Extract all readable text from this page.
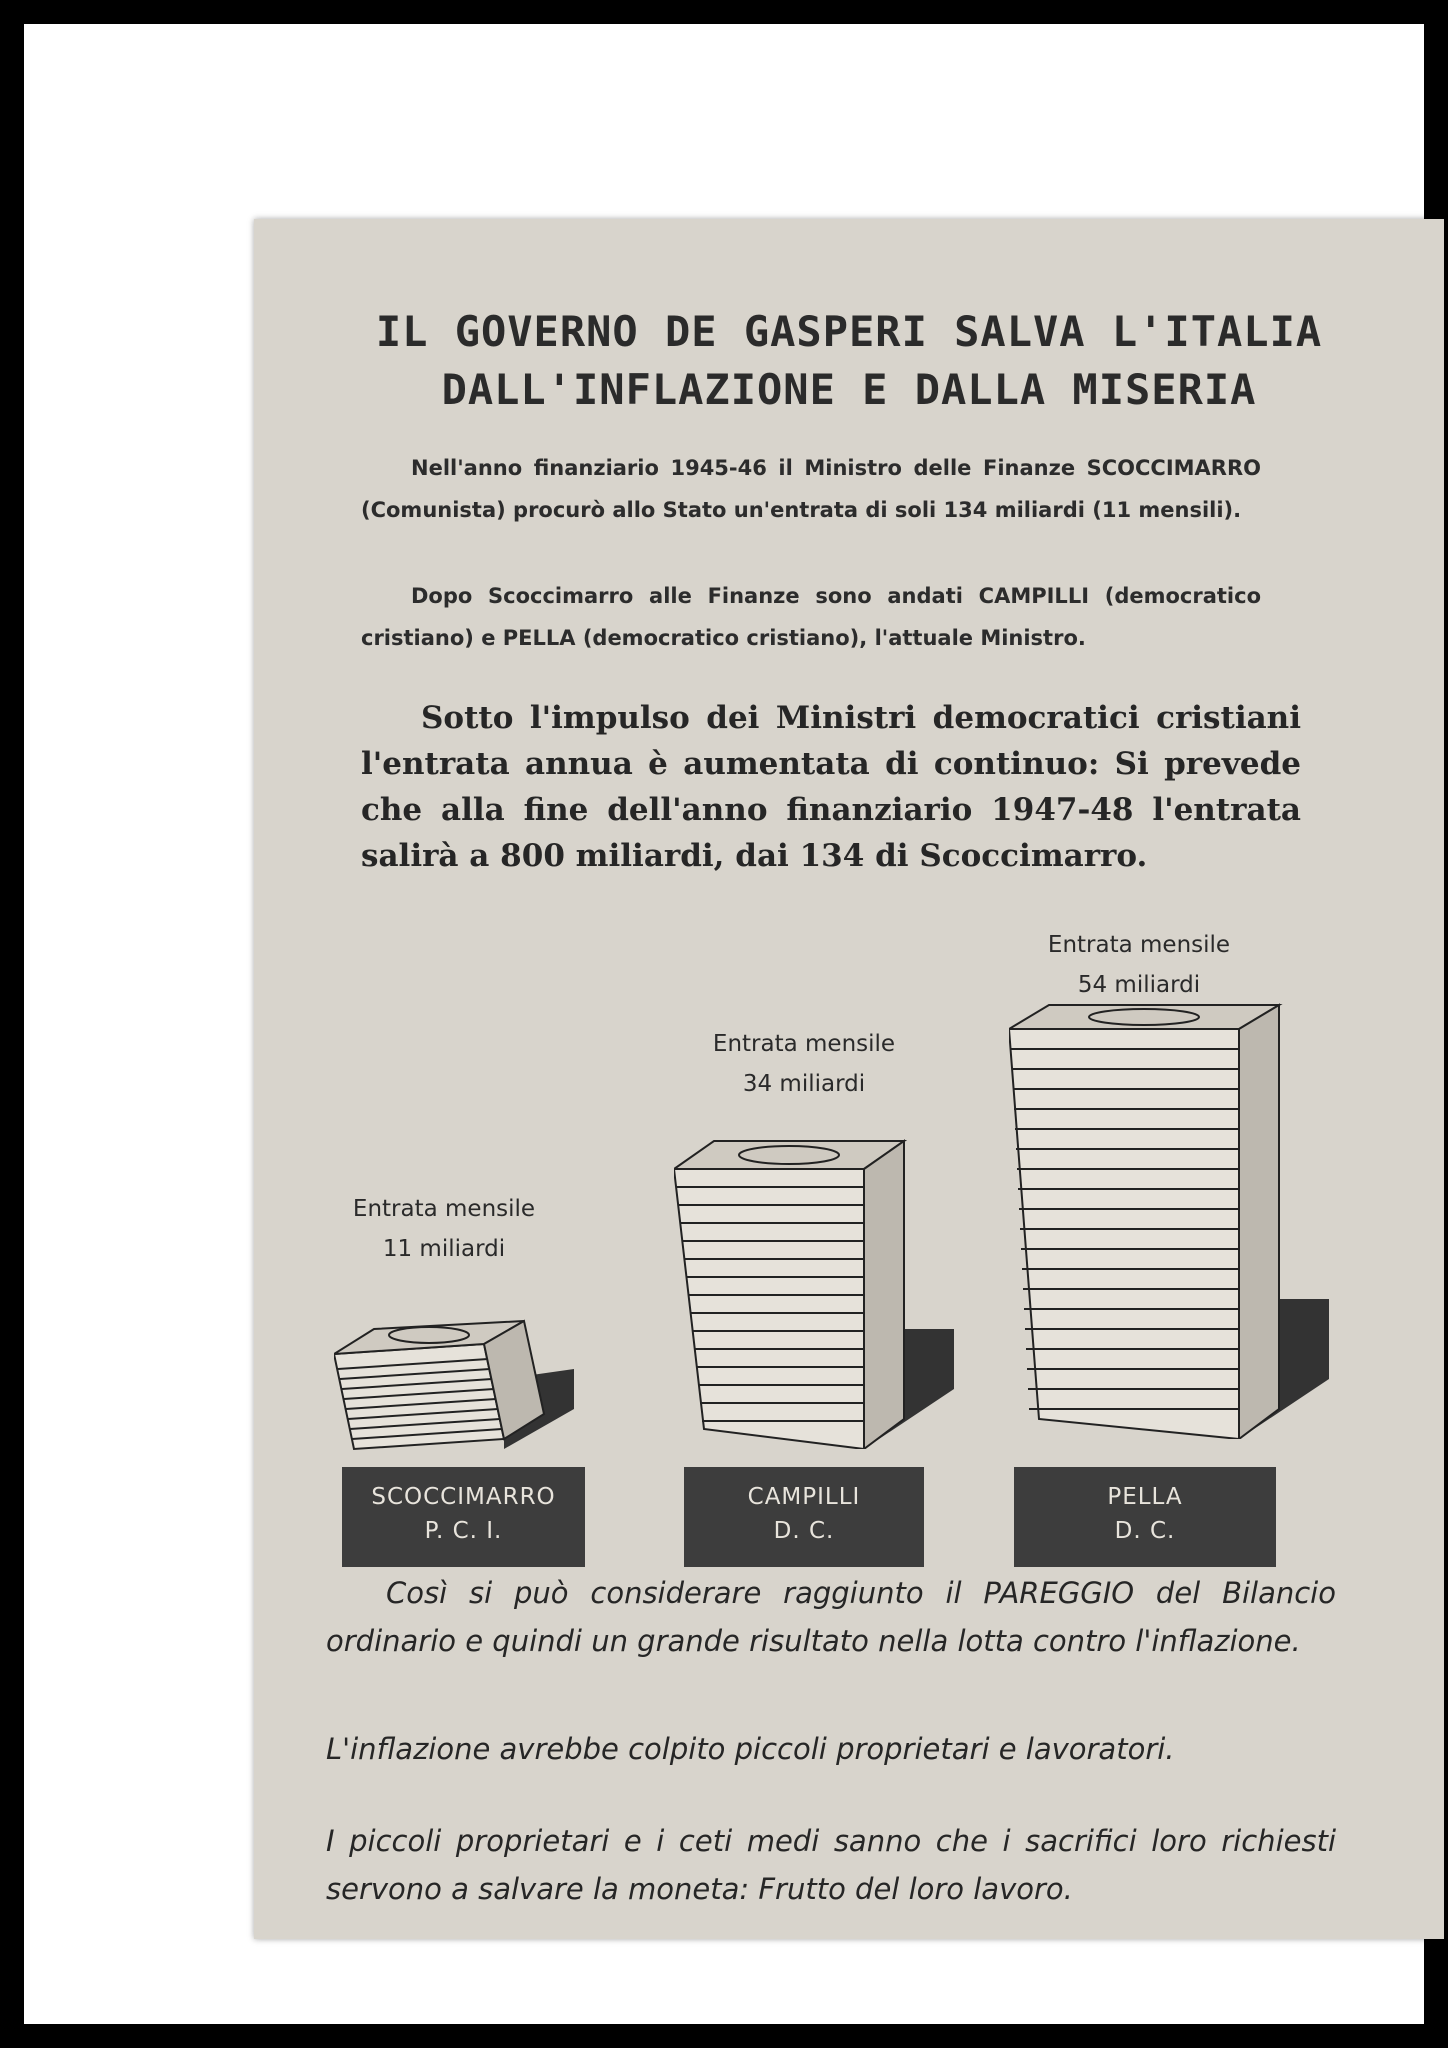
IL GOVERNO DE GASPERI SALVA L'ITALIA
DALL'INFLAZIONE E DALLA MISERIA
Nell'anno finanziario 1945-46 il Ministro delle Finanze SCOCCIMARRO (Comunista) procurò allo Stato un'entrata di soli 134 miliardi (11 mensili).
Dopo Scoccimarro alle Finanze sono andati CAMPILLI (democratico cristiano) e PELLA (democratico cristiano), l'attuale Ministro.
Sotto l'impulso dei Ministri democratici cristiani l'entrata annua è aumentata di continuo: Si prevede che alla fine dell'anno finanziario 1947-48 l'entrata salirà a 800 miliardi, dai 134 di Scoccimarro.
Entrata mensile
11 miliardi
SCOCCIMARRO
P. C. I.
Entrata mensile
34 miliardi
CAMPILLI
D. C.
Entrata mensile
54 miliardi
PELLA
D. C.
Così si può considerare raggiunto il PAREGGIO del Bilancio ordinario e quindi un grande risultato nella lotta contro l'inflazione.
L'inflazione avrebbe colpito piccoli proprietari e lavoratori.
I piccoli proprietari e i ceti medi sanno che i sacrifici loro richiesti servono a salvare la moneta: Frutto del loro lavoro.
